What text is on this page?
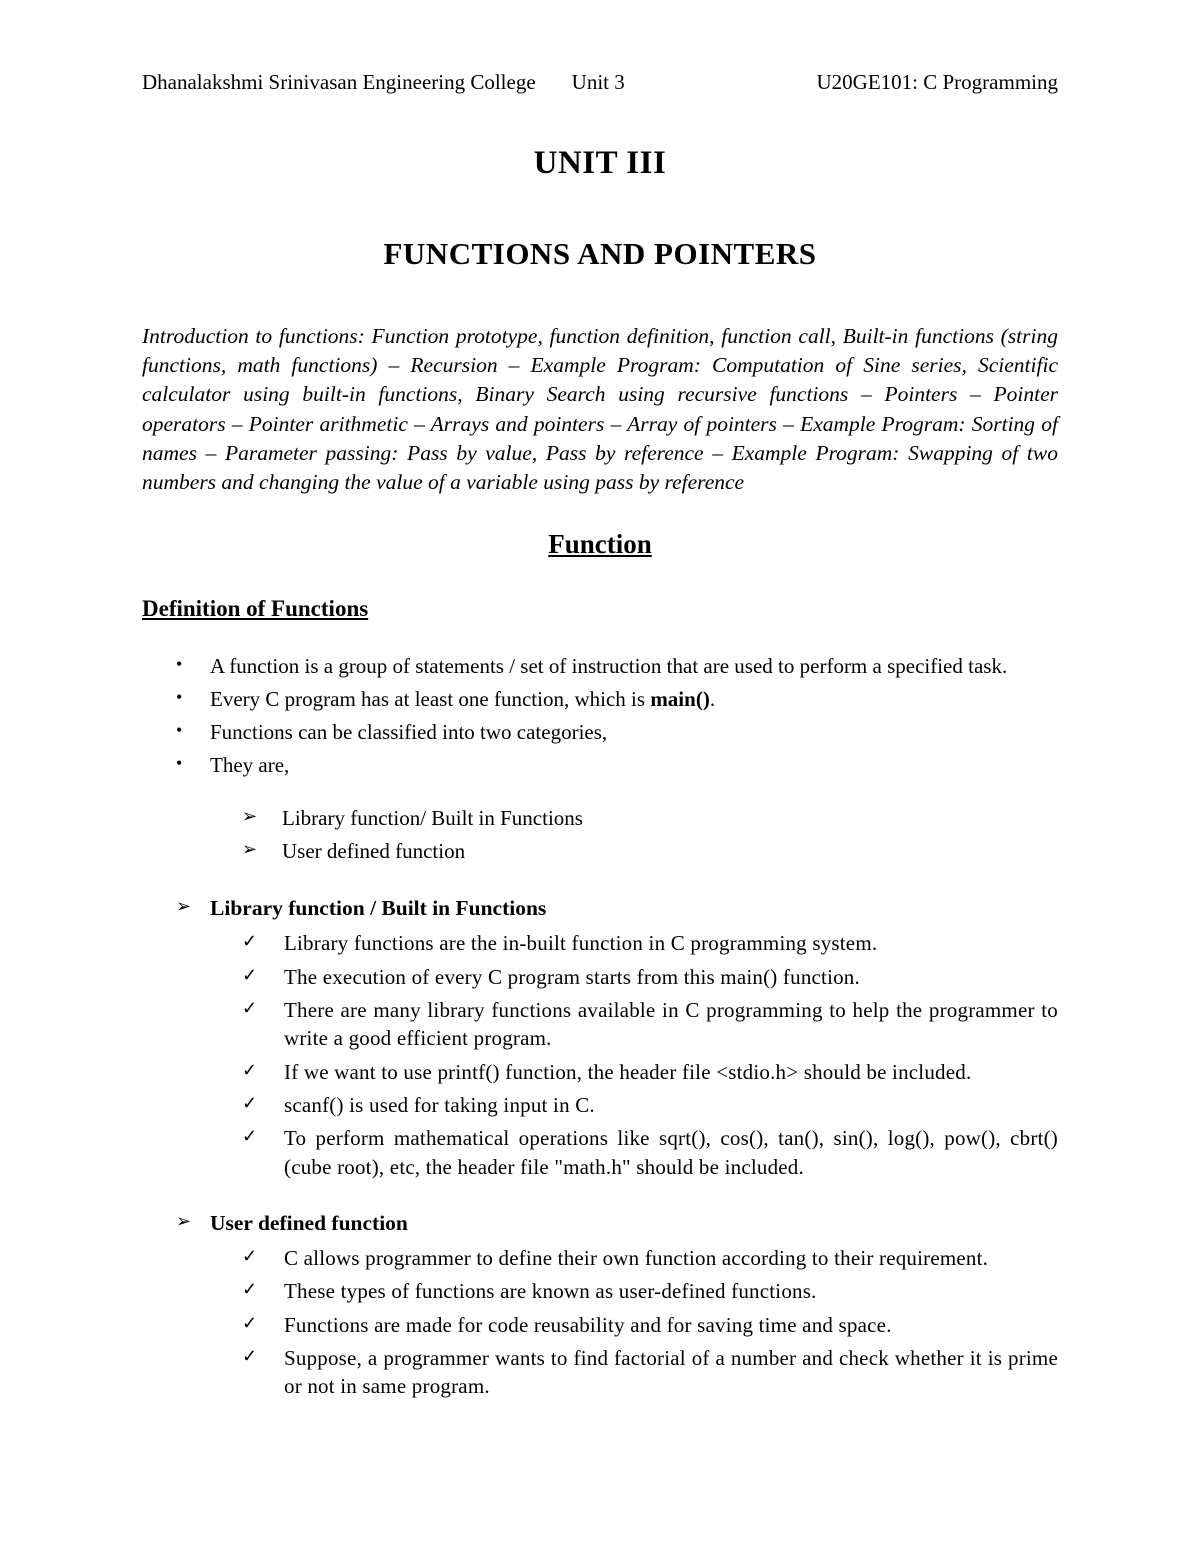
Dhanalakshmi Srinivasan Engineering College Unit 3	U20GE101: C Programming
UNIT III
FUNCTIONS AND POINTERS

Introduction to functions: Function prototype, function definition, function call, Built-in functions (string functions, math functions) – Recursion – Example Program: Computation of Sine series, Scientific calculator using built-in functions, Binary Search using recursive functions – Pointers – Pointer operators – Pointer arithmetic – Arrays and pointers – Array of pointers – Example Program: Sorting of names – Parameter passing: Pass by value, Pass by reference – Example Program: Swapping of two numbers and changing the value of a variable using pass by reference

Function
Definition of Functions
•	A function is a group of statements / set of instruction that are used to perform a specified task.
•	Every C program has at least one function, which is main().
•	Functions can be classified into two categories,
•	They are,
➢	Library function/ Built in Functions
➢	User defined function
➢ Library function / Built in Functions
✓	Library functions are the in-built function in C programming system.
✓	The execution of every C program starts from this main() function.
✓	There are many library functions available in C programming to help the programmer to write a good efficient program.
✓	If we want to use printf() function, the header file <stdio.h> should be included.
✓	scanf() is used for taking input in C.
✓	To perform mathematical operations like sqrt(), cos(), tan(), sin(), log(), pow(), cbrt() (cube root), etc, the header file "math.h" should be included.
➢ User defined function
✓	C allows programmer to define their own function according to their requirement.
✓	These types of functions are known as user-defined functions.
✓	Functions are made for code reusability and for saving time and space.
✓	Suppose, a programmer wants to find factorial of a number and check whether it is prime or not in same program.
